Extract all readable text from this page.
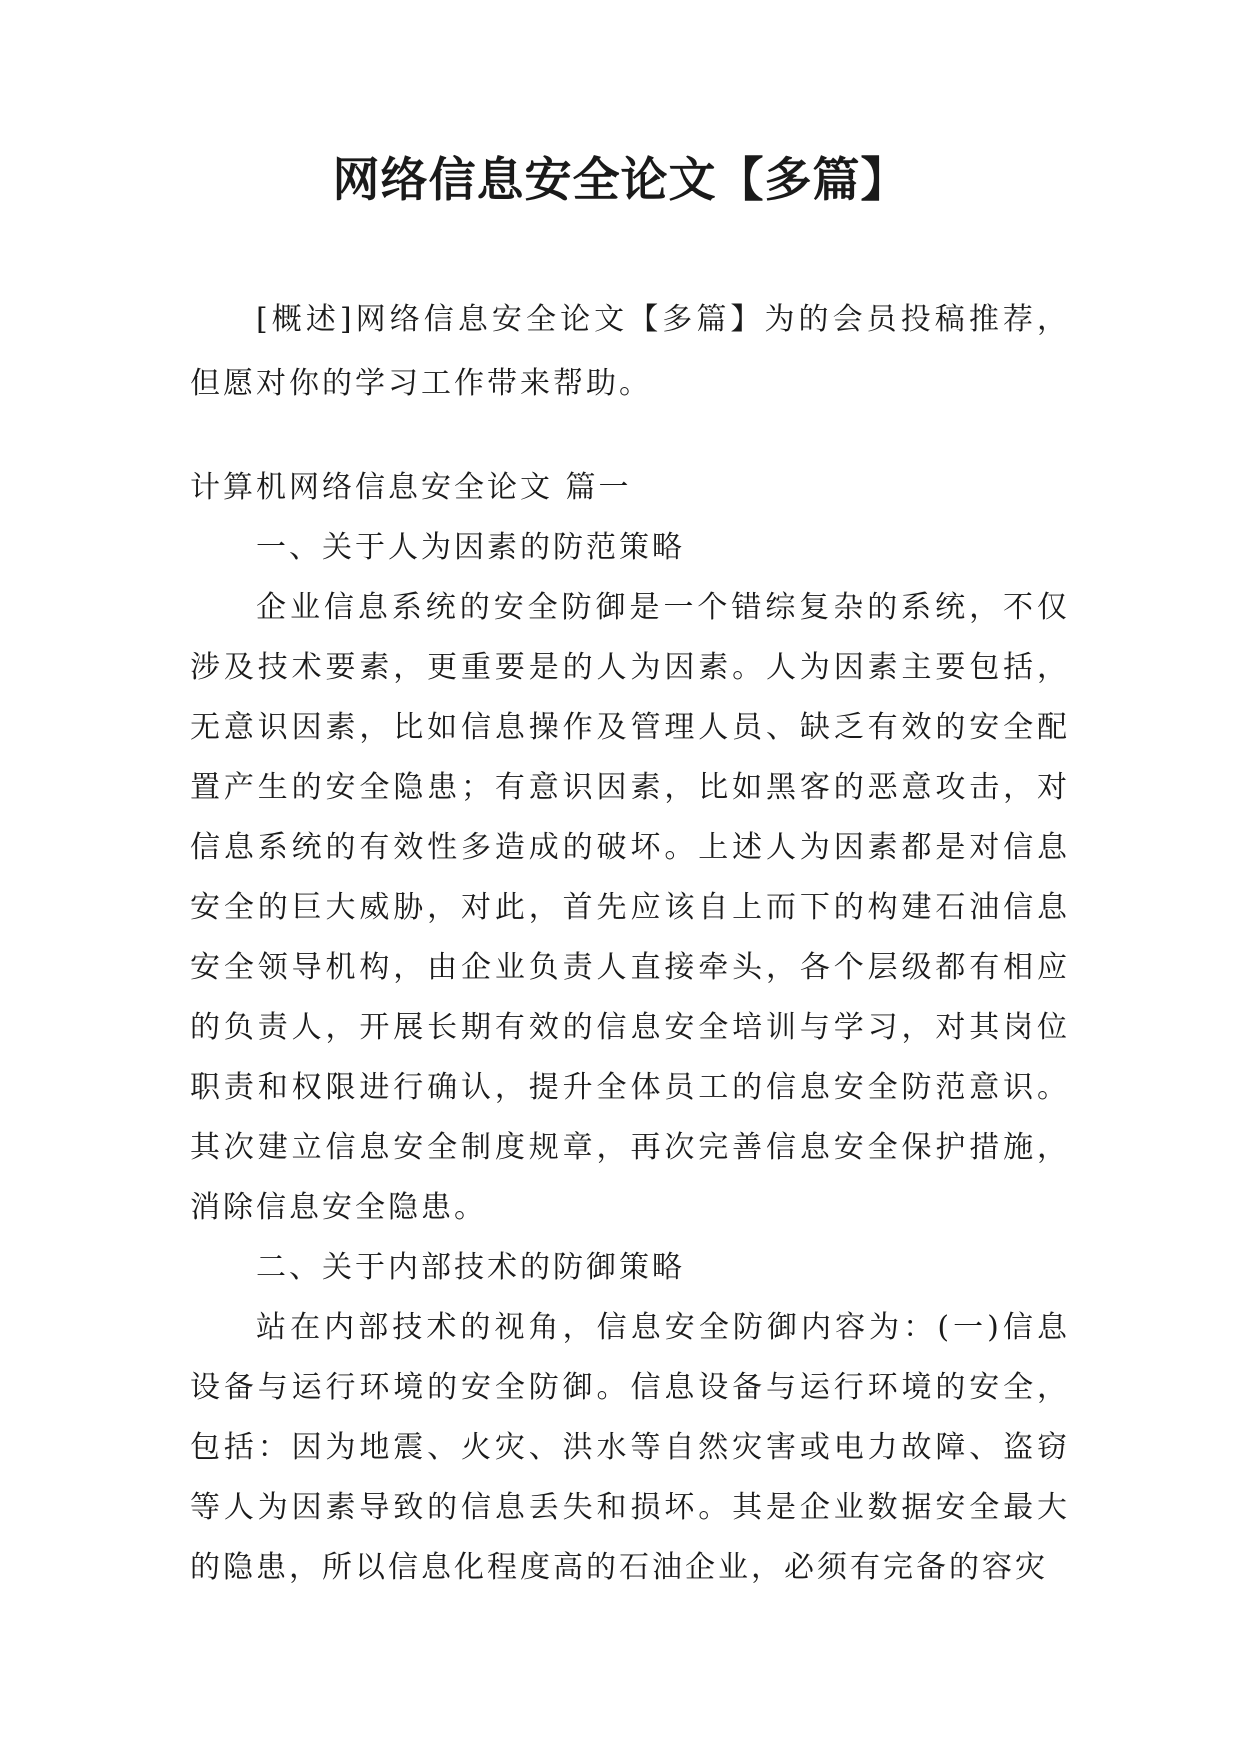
网络信息安全论文【多篇】

[概述]网络信息安全论文【多篇】为的会员投稿推荐，但愿对你的学习工作带来帮助。

计算机网络信息安全论文 篇一

一、关于人为因素的防范策略

企业信息系统的安全防御是一个错综复杂的系统，不仅涉及技术要素，更重要是的人为因素。人为因素主要包括，无意识因素，比如信息操作及管理人员、缺乏有效的安全配置产生的安全隐患；有意识因素，比如黑客的恶意攻击，对信息系统的有效性多造成的破坏。上述人为因素都是对信息安全的巨大威胁，对此，首先应该自上而下的构建石油信息安全领导机构，由企业负责人直接牵头，各个层级都有相应的负责人，开展长期有效的信息安全培训与学习，对其岗位职责和权限进行确认，提升全体员工的信息安全防范意识。其次建立信息安全制度规章，再次完善信息安全保护措施，消除信息安全隐患。

二、关于内部技术的防御策略

站在内部技术的视角，信息安全防御内容为：(一)信息设备与运行环境的安全防御。信息设备与运行环境的安全，包括：因为地震、火灾、洪水等自然灾害或电力故障、盗窃等人为因素导致的信息丢失和损坏。其是企业数据安全最大的隐患，所以信息化程度高的石油企业，必须有完备的容灾
